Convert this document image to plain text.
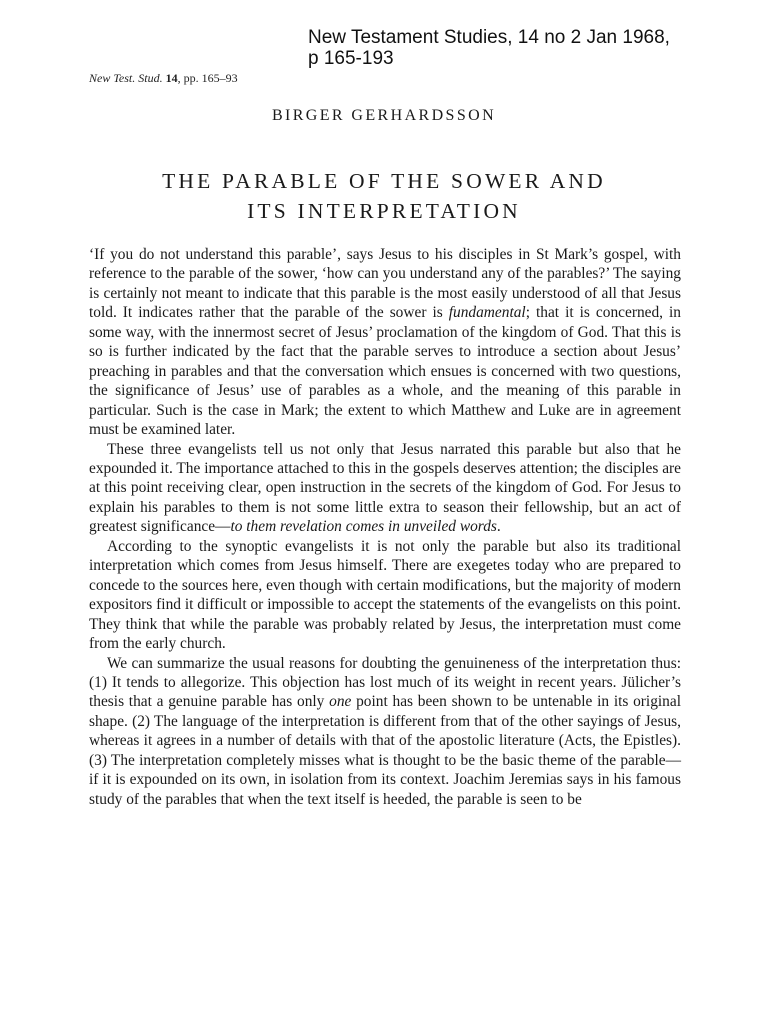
New Testament Studies, 14 no 2 Jan 1968,
p 165-193
New Test. Stud. 14, pp. 165–93
BIRGER GERHARDSSON
THE PARABLE OF THE SOWER AND
ITS INTERPRETATION

‘If you do not understand this parable’, says Jesus to his disciples in St Mark’s gospel, with reference to the parable of the sower, ‘how can you understand any of the parables?’ The saying is certainly not meant to indicate that this parable is the most easily understood of all that Jesus told. It indicates rather that the parable of the sower is fundamental; that it is concerned, in some way, with the innermost secret of Jesus’ proclamation of the kingdom of God. That this is so is further indicated by the fact that the parable serves to introduce a section about Jesus’ preaching in parables and that the conversation which ensues is concerned with two questions, the significance of Jesus’ use of parables as a whole, and the meaning of this parable in particular. Such is the case in Mark; the extent to which Matthew and Luke are in agreement must be examined later.

These three evangelists tell us not only that Jesus narrated this parable but also that he expounded it. The importance attached to this in the gospels deserves attention; the disciples are at this point receiving clear, open instruction in the secrets of the kingdom of God. For Jesus to explain his parables to them is not some little extra to season their fellowship, but an act of greatest significance—to them revelation comes in unveiled words.

According to the synoptic evangelists it is not only the parable but also its traditional interpretation which comes from Jesus himself. There are exegetes today who are prepared to concede to the sources here, even though with certain modifications, but the majority of modern expositors find it difficult or impossible to accept the statements of the evangelists on this point. They think that while the parable was probably related by Jesus, the interpretation must come from the early church.

We can summarize the usual reasons for doubting the genuineness of the interpretation thus: (1) It tends to allegorize. This objection has lost much of its weight in recent years. Jülicher’s thesis that a genuine parable has only one point has been shown to be untenable in its original shape. (2) The language of the interpretation is different from that of the other sayings of Jesus, whereas it agrees in a number of details with that of the apostolic literature (Acts, the Epistles). (3) The interpretation completely misses what is thought to be the basic theme of the parable—if it is expounded on its own, in isolation from its context. Joachim Jeremias says in his famous study of the parables that when the text itself is heeded, the parable is seen to be
